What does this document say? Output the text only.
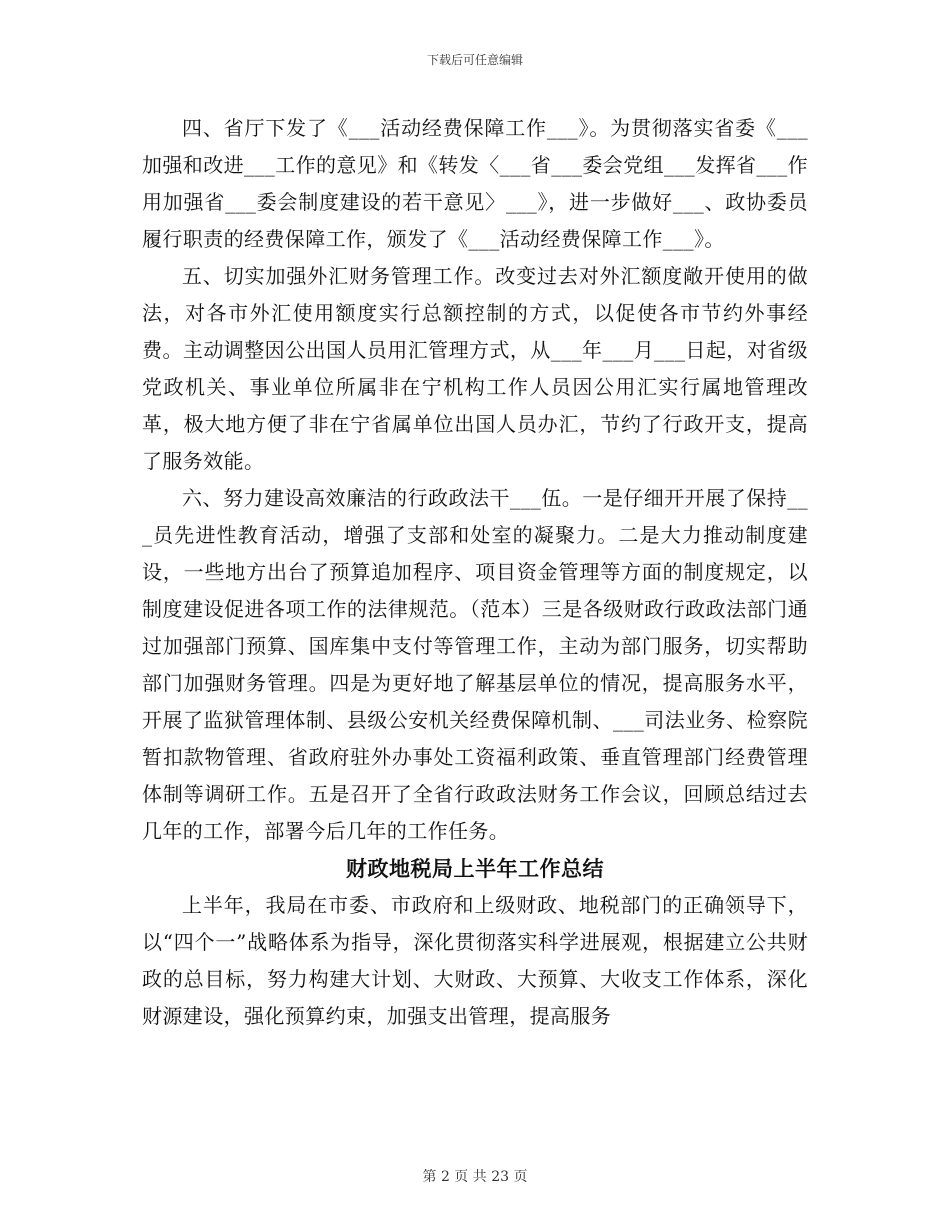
下载后可任意编辑

四、省厅下发了《___活动经费保障工作___》。为贯彻落实省委《___加强和改进___工作的意见》和《转发〈___省___委会党组___发挥省___作用加强省___委会制度建设的若干意见〉___》，进一步做好___、政协委员履行职责的经费保障工作，颁发了《___活动经费保障工作___》。

五、切实加强外汇财务管理工作。改变过去对外汇额度敞开使用的做法，对各市外汇使用额度实行总额控制的方式，以促使各市节约外事经费。主动调整因公出国人员用汇管理方式，从___年___月___日起，对省级党政机关、事业单位所属非在宁机构工作人员因公用汇实行属地管理改革，极大地方便了非在宁省属单位出国人员办汇，节约了行政开支，提高了服务效能。

六、努力建设高效廉洁的行政政法干___伍。一是仔细开开展了保持___员先进性教育活动，增强了支部和处室的凝聚力。二是大力推动制度建设，一些地方出台了预算追加程序、项目资金管理等方面的制度规定，以制度建设促进各项工作的法律规范。（范本）三是各级财政行政政法部门通过加强部门预算、国库集中支付等管理工作，主动为部门服务，切实帮助部门加强财务管理。四是为更好地了解基层单位的情况，提高服务水平，开展了监狱管理体制、县级公安机关经费保障机制、___司法业务、检察院暂扣款物管理、省政府驻外办事处工资福利政策、垂直管理部门经费管理体制等调研工作。五是召开了全省行政政法财务工作会议，回顾总结过去几年的工作，部署今后几年的工作任务。

财政地税局上半年工作总结

上半年，我局在市委、市政府和上级财政、地税部门的正确领导下，以“四个一”战略体系为指导，深化贯彻落实科学进展观，根据建立公共财政的总目标，努力构建大计划、大财政、大预算、大收支工作体系，深化财源建设，强化预算约束，加强支出管理，提高服务

第 2 页 共 23 页
